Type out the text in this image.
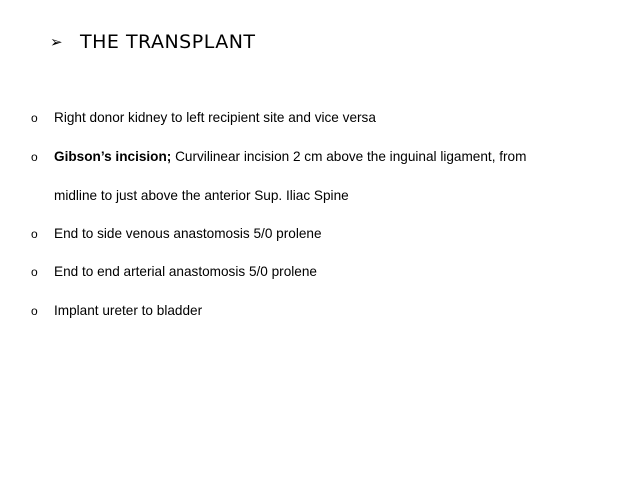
➢ THE TRANSPLANT
o Right donor kidney to left recipient site and vice versa
o Gibson’s incision; Curvilinear incision 2 cm above the inguinal ligament, from
midline to just above the anterior Sup. Iliac Spine
o End to side venous anastomosis 5/0 prolene
o End to end arterial anastomosis 5/0 prolene
o Implant ureter to bladder
